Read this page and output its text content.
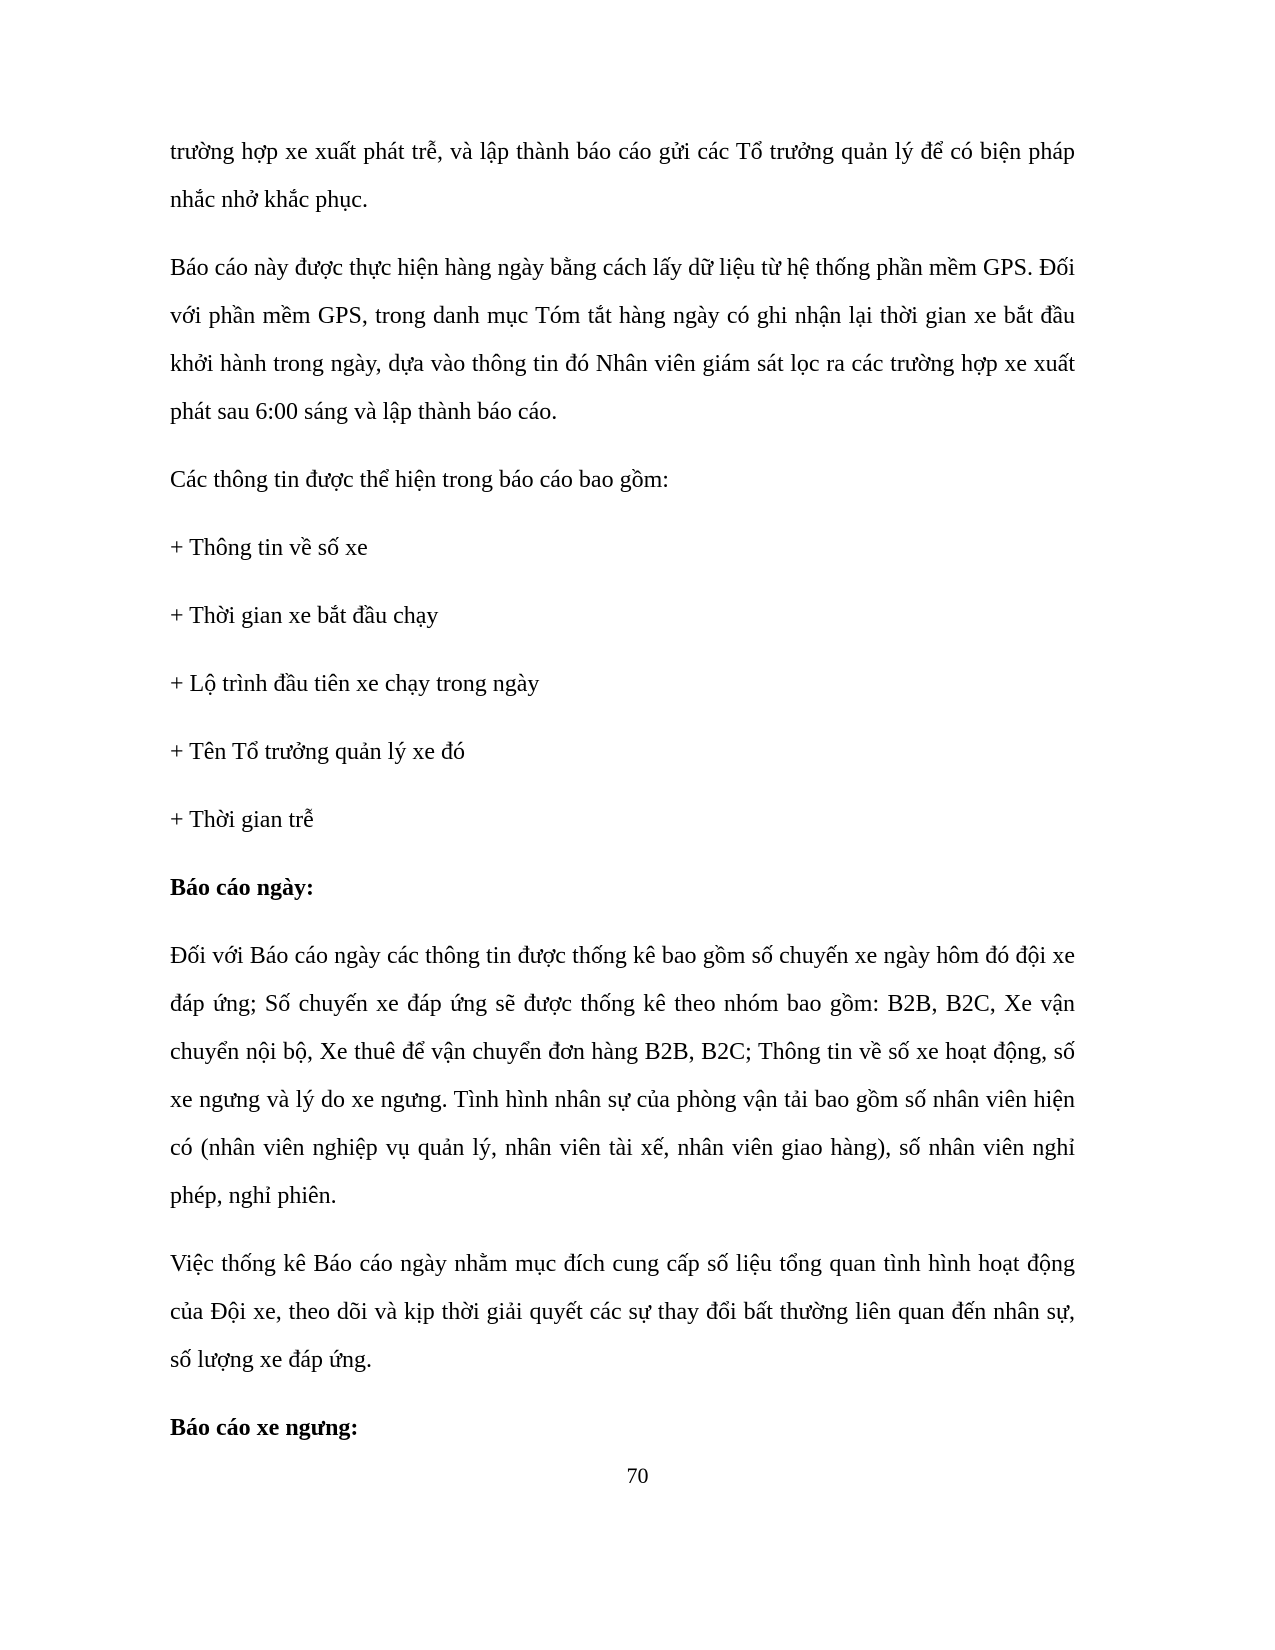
trường hợp xe xuất phát trễ, và lập thành báo cáo gửi các Tổ trưởng quản lý để có biện pháp nhắc nhở khắc phục.

Báo cáo này được thực hiện hàng ngày bằng cách lấy dữ liệu từ hệ thống phần mềm GPS. Đối với phần mềm GPS, trong danh mục Tóm tắt hàng ngày có ghi nhận lại thời gian xe bắt đầu khởi hành trong ngày, dựa vào thông tin đó Nhân viên giám sát lọc ra các trường hợp xe xuất phát sau 6:00 sáng và lập thành báo cáo.

Các thông tin được thể hiện trong báo cáo bao gồm:

+ Thông tin về số xe

+ Thời gian xe bắt đầu chạy

+ Lộ trình đầu tiên xe chạy trong ngày

+ Tên Tổ trưởng quản lý xe đó

+ Thời gian trễ

Báo cáo ngày:

Đối với Báo cáo ngày các thông tin được thống kê bao gồm số chuyến xe ngày hôm đó đội xe đáp ứng; Số chuyến xe đáp ứng sẽ được thống kê theo nhóm bao gồm: B2B, B2C, Xe vận chuyển nội bộ, Xe thuê để vận chuyển đơn hàng B2B, B2C; Thông tin về số xe hoạt động, số xe ngưng và lý do xe ngưng. Tình hình nhân sự của phòng vận tải bao gồm số nhân viên hiện có (nhân viên nghiệp vụ quản lý, nhân viên tài xế, nhân viên giao hàng), số nhân viên nghỉ phép, nghỉ phiên.

Việc thống kê Báo cáo ngày nhằm mục đích cung cấp số liệu tổng quan tình hình hoạt động của Đội xe, theo dõi và kịp thời giải quyết các sự thay đổi bất thường liên quan đến nhân sự, số lượng xe đáp ứng.

Báo cáo xe ngưng:

70
